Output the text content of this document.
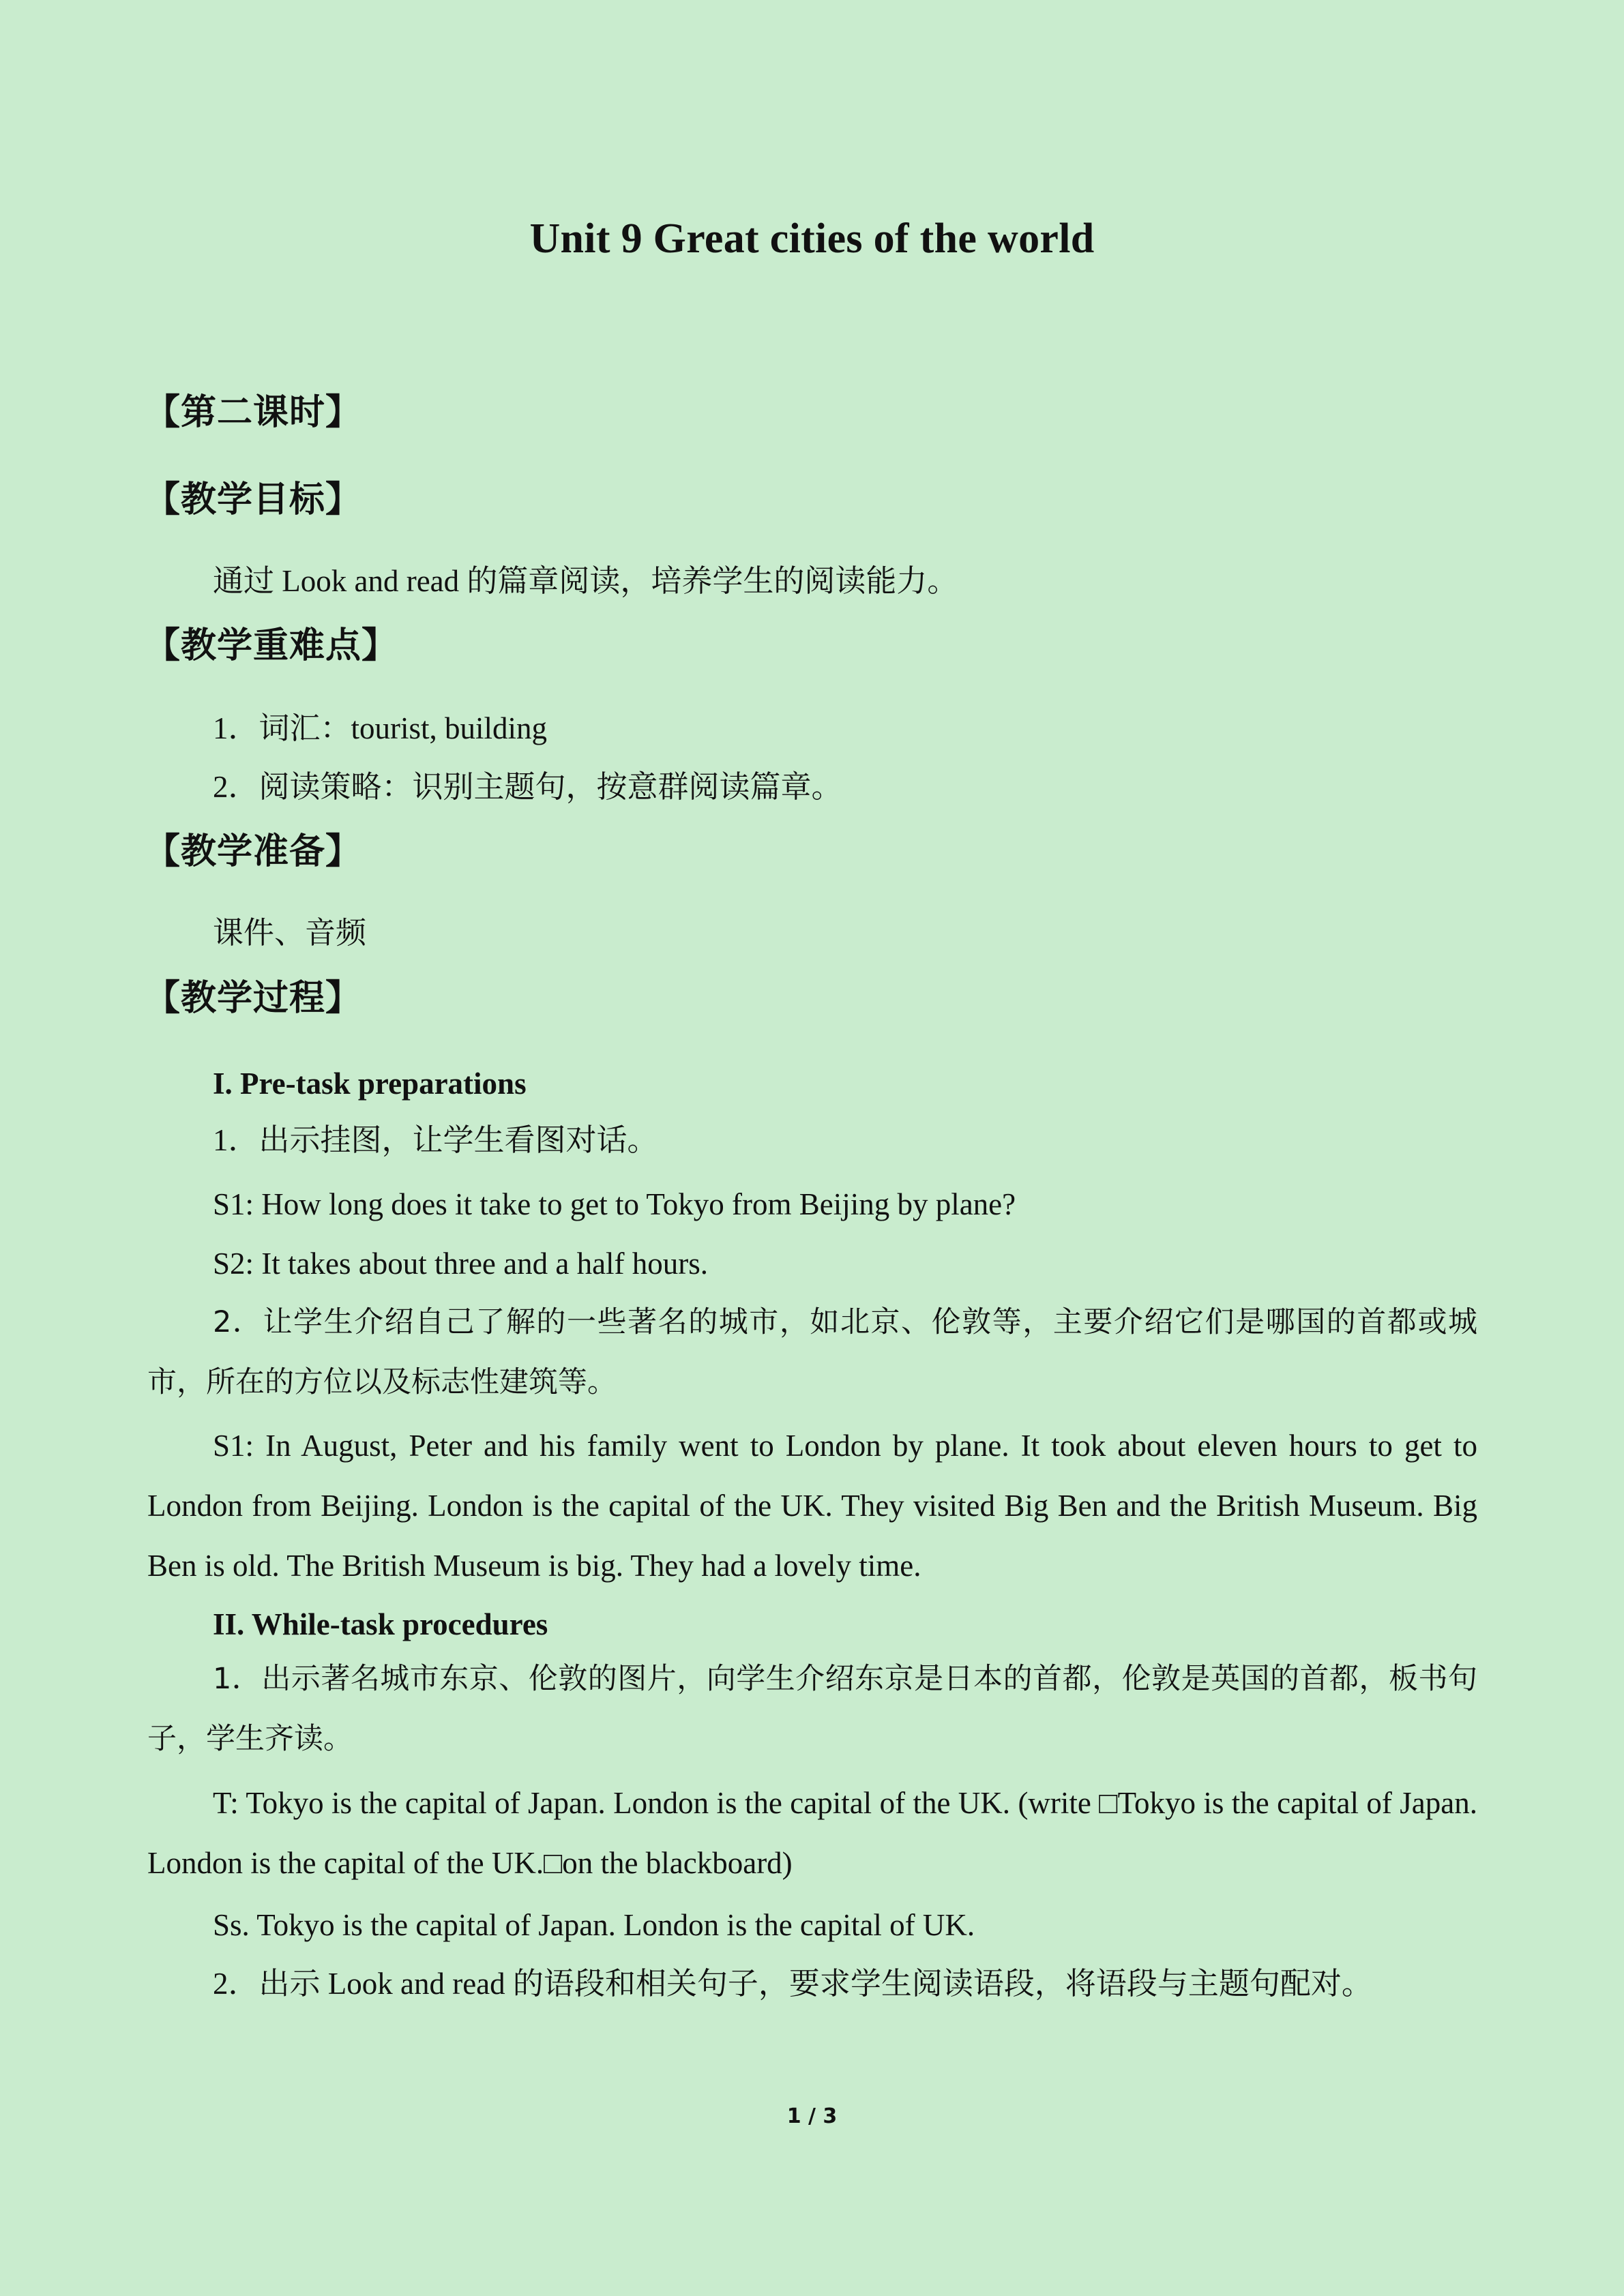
Unit 9 Great cities of the world
【第二课时】
【教学目标】
通过 Look and read 的篇章阅读，培养学生的阅读能力。
【教学重难点】
1．词汇：tourist, building
2．阅读策略：识别主题句，按意群阅读篇章。
【教学准备】
课件、音频
【教学过程】
I. Pre-task preparations
1．出示挂图，让学生看图对话。
S1: How long does it take to get to Tokyo from Beijing by plane?
S2: It takes about three and a half hours.
2．让学生介绍自己了解的一些著名的城市，如北京、伦敦等，主要介绍它们是哪国的首都或城市，所在的方位以及标志性建筑等。
S1: In August, Peter and his family went to London by plane. It took about eleven hours to get to London from Beijing. London is the capital of the UK. They visited Big Ben and the British Museum. Big Ben is old. The British Museum is big. They had a lovely time.
II. While-task procedures
1．出示著名城市东京、伦敦的图片，向学生介绍东京是日本的首都，伦敦是英国的首都，板书句子，学生齐读。
T: Tokyo is the capital of Japan. London is the capital of the UK. (write □Tokyo is the capital of Japan. London is the capital of the UK.□on the blackboard)
Ss. Tokyo is the capital of Japan. London is the capital of UK.
2．出示 Look and read 的语段和相关句子，要求学生阅读语段，将语段与主题句配对。
1 / 3
